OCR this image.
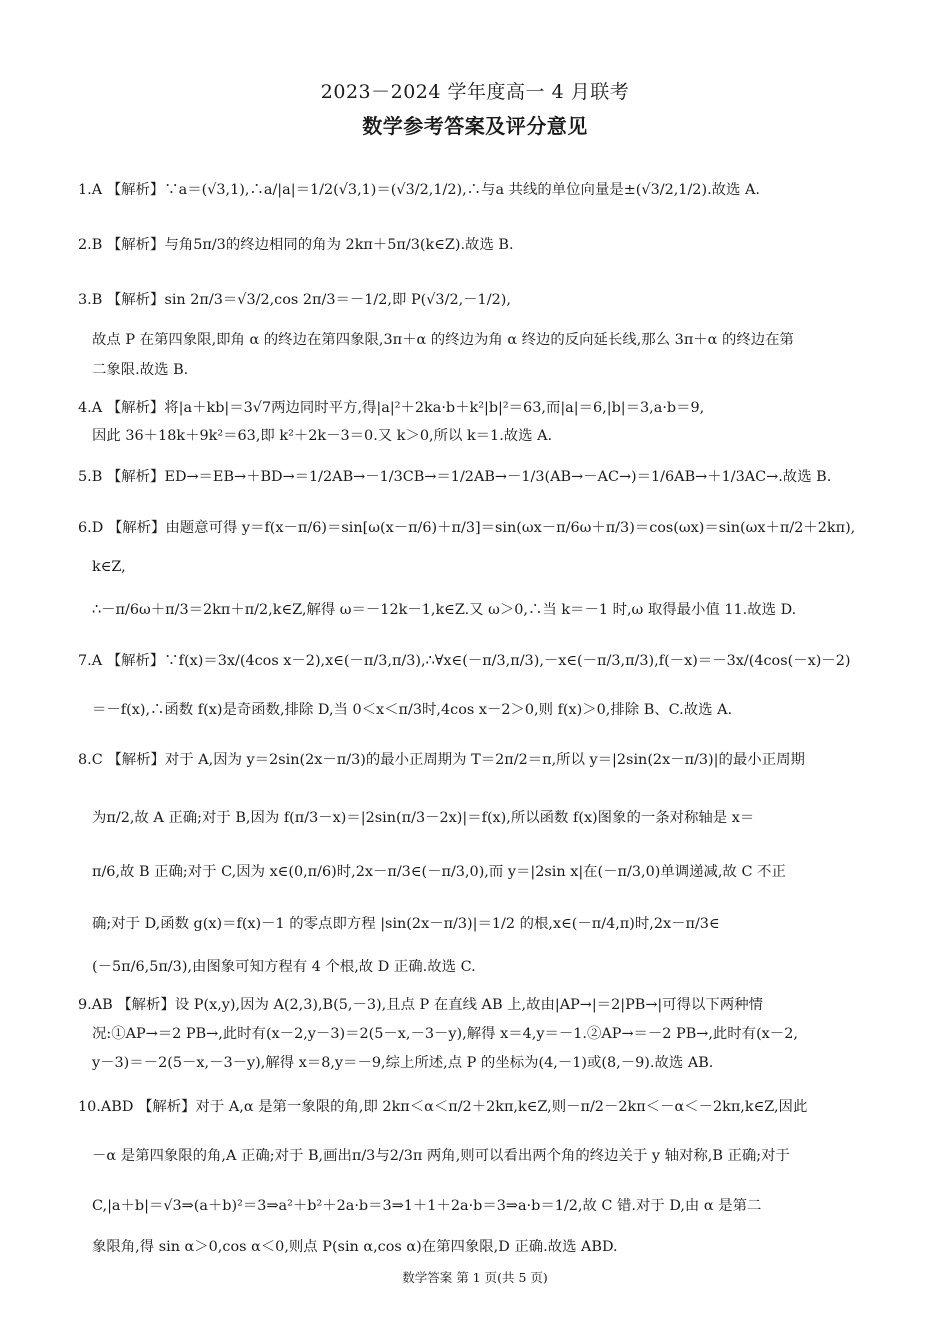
2023－2024 学年度高一 4 月联考
数学参考答案及评分意见
1.A 【解析】∵a＝(√3,1),∴a/|a|＝1/2(√3,1)＝(√3/2,1/2),∴与a 共线的单位向量是±(√3/2,1/2).故选 A.
2.B 【解析】与角5π/3的终边相同的角为 2kπ＋5π/3(k∈Z).故选 B.
3.B 【解析】sin 2π/3＝√3/2,cos 2π/3＝－1/2,即 P(√3/2,－1/2),
故点 P 在第四象限,即角 α 的终边在第四象限,3π＋α 的终边为角 α 终边的反向延长线,那么 3π＋α 的终边在第
二象限.故选 B.
4.A 【解析】将|a＋kb|＝3√7两边同时平方,得|a|²＋2ka·b＋k²|b|²＝63,而|a|＝6,|b|＝3,a·b＝9,
因此 36＋18k＋9k²＝63,即 k²＋2k－3＝0.又 k＞0,所以 k＝1.故选 A.
5.B 【解析】ED→＝EB→＋BD→＝1/2AB→－1/3CB→＝1/2AB→－1/3(AB→－AC→)＝1/6AB→＋1/3AC→.故选 B.
6.D 【解析】由题意可得 y＝f(x－π/6)＝sin[ω(x－π/6)＋π/3]＝sin(ωx－π/6ω＋π/3)＝cos(ωx)＝sin(ωx＋π/2＋2kπ),
k∈Z,
∴－π/6ω＋π/3＝2kπ＋π/2,k∈Z,解得 ω＝－12k－1,k∈Z.又 ω＞0,∴当 k＝－1 时,ω 取得最小值 11.故选 D.
7.A 【解析】∵f(x)＝3x/(4cos x－2),x∈(－π/3,π/3),∴∀x∈(－π/3,π/3),－x∈(－π/3,π/3),f(－x)＝－3x/(4cos(－x)－2)
＝－f(x),∴函数 f(x)是奇函数,排除 D,当 0＜x＜π/3时,4cos x－2＞0,则 f(x)＞0,排除 B、C.故选 A.
8.C 【解析】对于 A,因为 y＝2sin(2x－π/3)的最小正周期为 T＝2π/2＝π,所以 y＝|2sin(2x－π/3)|的最小正周期
为π/2,故 A 正确;对于 B,因为 f(π/3－x)＝|2sin(π/3－2x)|＝f(x),所以函数 f(x)图象的一条对称轴是 x＝
π/6,故 B 正确;对于 C,因为 x∈(0,π/6)时,2x－π/3∈(－π/3,0),而 y＝|2sin x|在(－π/3,0)单调递减,故 C 不正
确;对于 D,函数 g(x)＝f(x)－1 的零点即方程 |sin(2x－π/3)|＝1/2 的根,x∈(－π/4,π)时,2x－π/3∈
(－5π/6,5π/3),由图象可知方程有 4 个根,故 D 正确.故选 C.
9.AB 【解析】设 P(x,y),因为 A(2,3),B(5,－3),且点 P 在直线 AB 上,故由|AP→|＝2|PB→|可得以下两种情
况:①AP→＝2 PB→,此时有(x－2,y－3)＝2(5－x,－3－y),解得 x＝4,y＝－1.②AP→＝－2 PB→,此时有(x－2,
y－3)＝－2(5－x,－3－y),解得 x＝8,y＝－9,综上所述,点 P 的坐标为(4,－1)或(8,－9).故选 AB.
10.ABD 【解析】对于 A,α 是第一象限的角,即 2kπ＜α＜π/2＋2kπ,k∈Z,则－π/2－2kπ＜－α＜－2kπ,k∈Z,因此
－α 是第四象限的角,A 正确;对于 B,画出π/3与2/3π 两角,则可以看出两个角的终边关于 y 轴对称,B 正确;对于
C,|a＋b|＝√3⇒(a＋b)²＝3⇒a²＋b²＋2a·b＝3⇒1＋1＋2a·b＝3⇒a·b＝1/2,故 C 错.对于 D,由 α 是第二
象限角,得 sin α＞0,cos α＜0,则点 P(sin α,cos α)在第四象限,D 正确.故选 ABD.
数学答案 第 1 页(共 5 页)
